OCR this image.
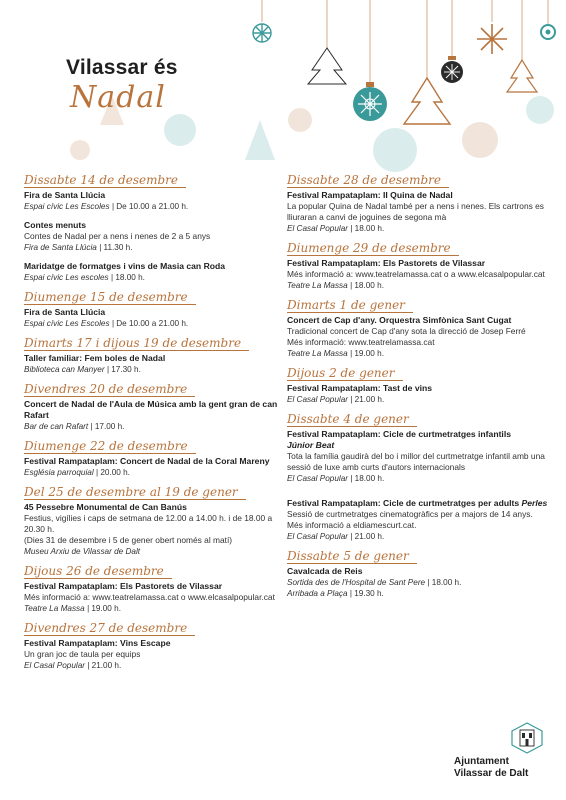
Vilassar és
Nadal
Dissabte 14 de desembre
Fira de Santa Llúcia
Espai cívic Les Escoles | De 10.00 a 21.00 h.
Contes menuts
Contes de Nadal per a nens i nenes de 2 a 5 anys
Fira de Santa Llúcia | 11.30 h.
Maridatge de formatges i vins de Masia can Roda
Espai cívic Les escoles | 18.00 h.
Diumenge 15 de desembre
Fira de Santa Llúcia
Espai cívic Les Escoles | De 10.00 a 21.00 h.
Dimarts 17 i dijous 19 de desembre
Taller familiar: Fem boles de Nadal
Biblioteca can Manyer | 17.30 h.
Divendres 20 de desembre
Concert de Nadal de l'Aula de Música amb la gent gran de can Rafart
Bar de can Rafart | 17.00 h.
Diumenge 22 de desembre
Festival Rampataplam: Concert de Nadal de la Coral Mareny
Església parroquial | 20.00 h.
Del 25 de desembre al 19 de gener
45 Pessebre Monumental de Can Banús
Festius, vigílies i caps de setmana de 12.00 a 14.00 h. i de 18.00 a 20.30 h.
(Dies 31 de desembre i 5 de gener obert només al matí)
Museu Arxiu de Vilassar de Dalt
Dijous 26 de desembre
Festival Rampataplam: Els Pastorets de Vilassar
Més informació a: www.teatrelamassa.cat o www.elcasalpopular.cat
Teatre La Massa | 19.00 h.
Divendres 27 de desembre
Festival Rampataplam: Vins Escape
Un gran joc de taula per equips
El Casal Popular | 21.00 h.
Dissabte 28 de desembre
Festival Rampataplam: II Quina de Nadal
La popular Quina de Nadal també per a nens i nenes. Els cartrons es lliuraran a canvi de joguines de segona mà
El Casal Popular | 18.00 h.
Diumenge 29 de desembre
Festival Rampataplam: Els Pastorets de Vilassar
Més informació a: www.teatrelamassa.cat o a www.elcasalpopular.cat
Teatre La Massa | 18.00 h.
Dimarts 1 de gener
Concert de Cap d'any. Orquestra Simfònica Sant Cugat
Tradicional concert de Cap d'any sota la direcció de Josep Ferré
Més informació: www.teatrelamassa.cat
Teatre La Massa | 19.00 h.
Dijous 2 de gener
Festival Rampataplam: Tast de vins
El Casal Popular | 21.00 h.
Dissabte 4 de gener
Festival Rampataplam: Cicle de curtmetratges infantils
Júnior Beat
Tota la família gaudirà del bo i millor del curtmetratge infantil amb una sessió de luxe amb curts d'autors internacionals
El Casal Popular | 18.00 h.
Festival Rampataplam: Cicle de curtmetratges per adults Perles
Sessió de curtmetratges cinematogràfics per a majors de 14 anys. Més informació a eldiamescurt.cat.
El Casal Popular | 21.00 h.
Dissabte 5 de gener
Cavalcada de Reis
Sortida des de l'Hospital de Sant Pere | 18.00 h.
Arribada a Plaça | 19.30 h.
Ajuntament
Vilassar de Dalt
